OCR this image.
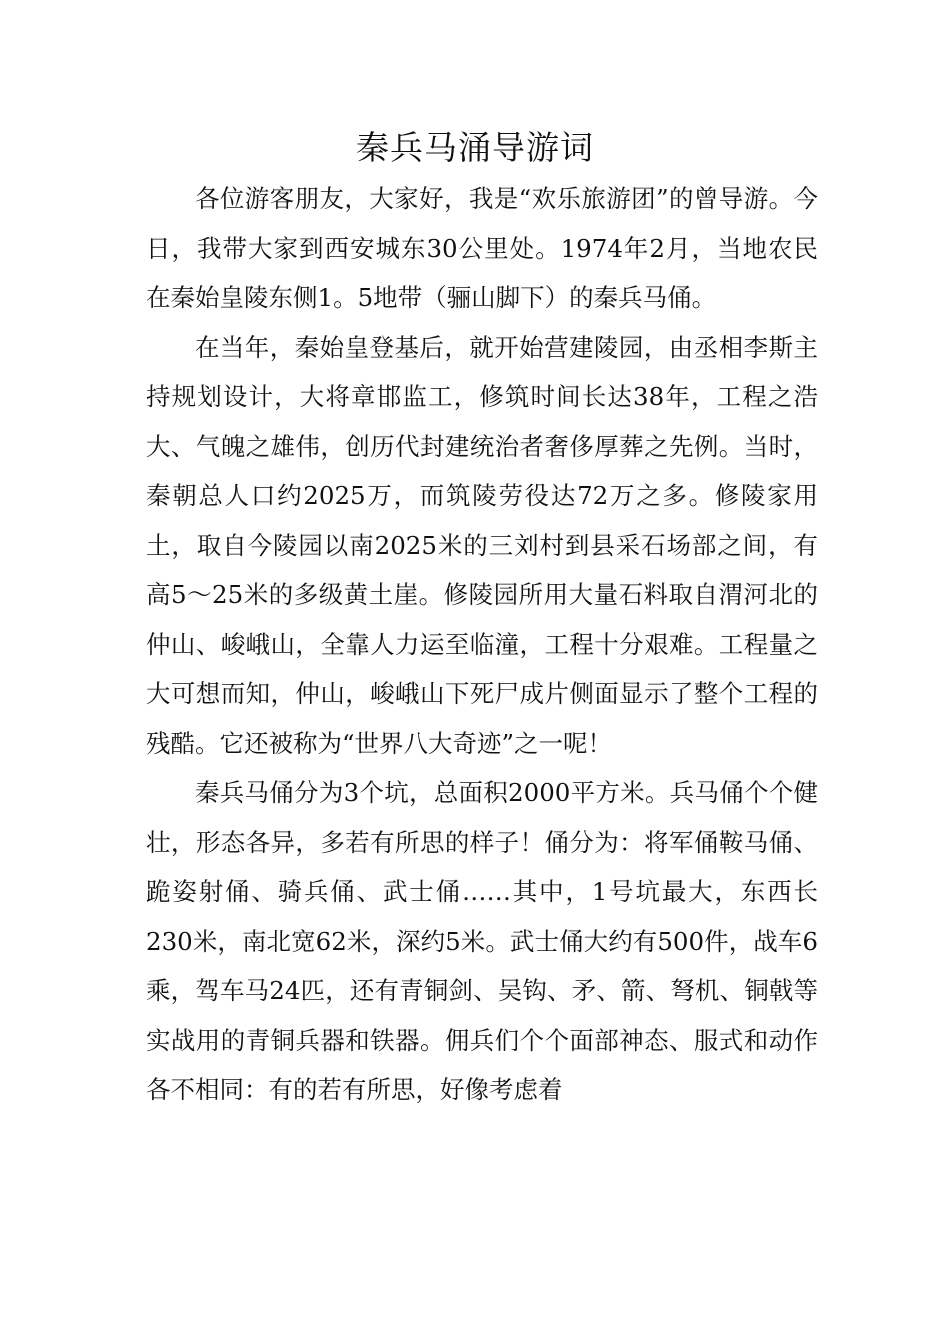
秦兵马涌导游词

各位游客朋友，大家好，我是“欢乐旅游团”的曾导游。今日，我带大家到西安城东30公里处。1974年2月，当地农民在秦始皇陵东侧1。5地带（骊山脚下）的秦兵马俑。

在当年，秦始皇登基后，就开始营建陵园，由丞相李斯主持规划设计，大将章邯监工，修筑时间长达38年，工程之浩大、气魄之雄伟，创历代封建统治者奢侈厚葬之先例。当时，秦朝总人口约2025万，而筑陵劳役达72万之多。修陵家用土，取自今陵园以南2025米的三刘村到县采石场部之间，有高5～25米的多级黄土崖。修陵园所用大量石料取自渭河北的仲山、峻峨山，全靠人力运至临潼，工程十分艰难。工程量之大可想而知，仲山，峻峨山下死尸成片侧面显示了整个工程的残酷。它还被称为“世界八大奇迹”之一呢！

秦兵马俑分为3个坑，总面积2000平方米。兵马俑个个健壮，形态各异，多若有所思的样子！俑分为：将军俑鞍马俑、跪姿射俑、骑兵俑、武士俑……其中，1号坑最大，东西长230米，南北宽62米，深约5米。武士俑大约有500件，战车6乘，驾车马24匹，还有青铜剑、吴钩、矛、箭、弩机、铜戟等实战用的青铜兵器和铁器。佣兵们个个面部神态、服式和动作各不相同：有的若有所思，好像考虑着
